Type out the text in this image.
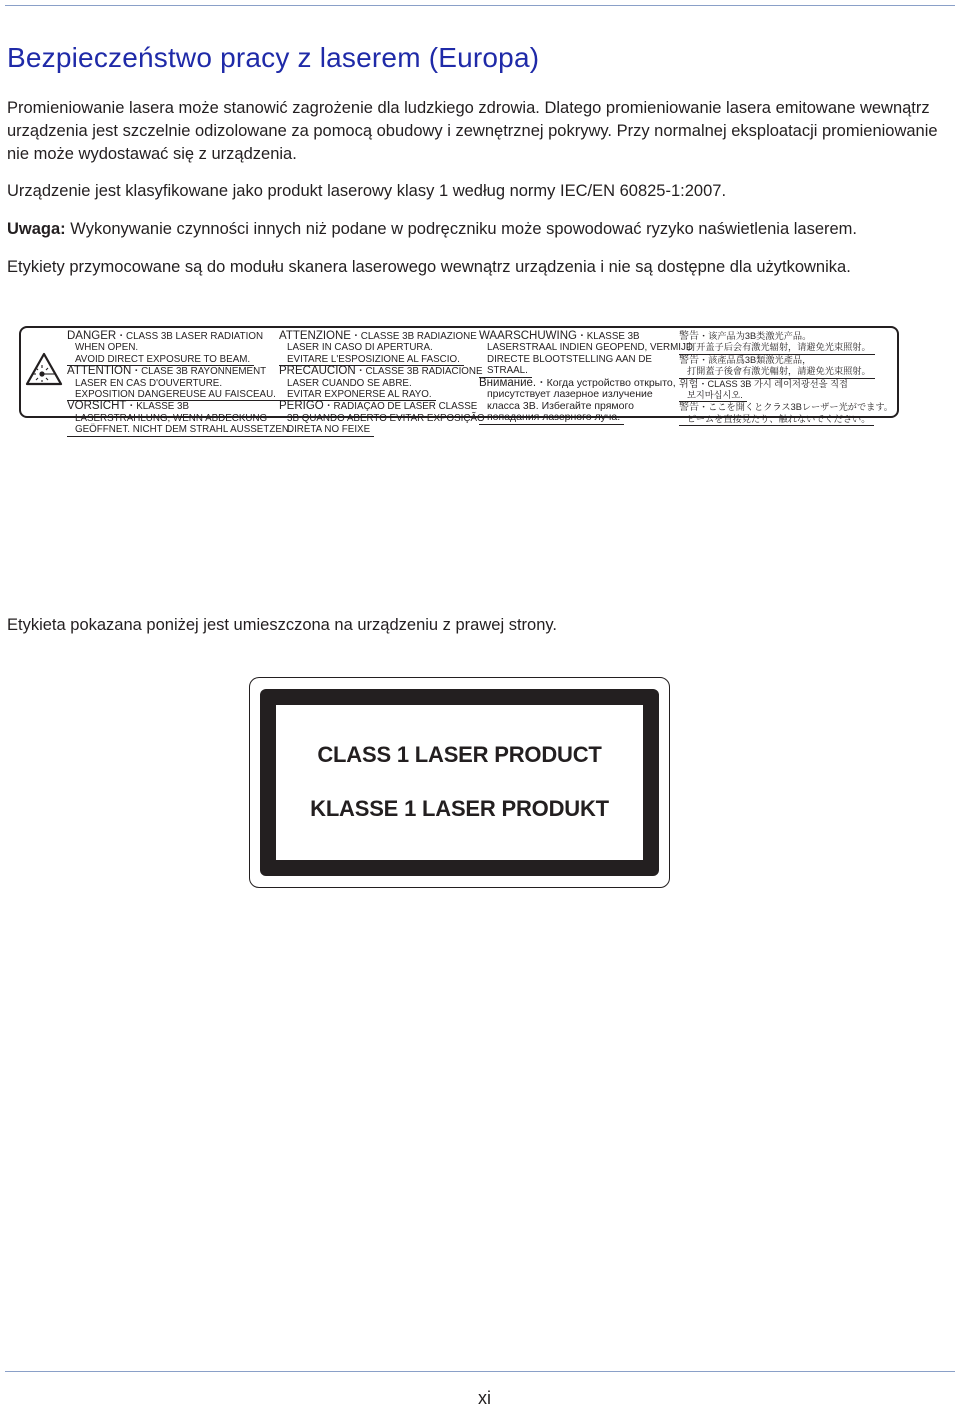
Bezpieczeństwo pracy z laserem (Europa)

Promieniowanie lasera może stanowić zagrożenie dla ludzkiego zdrowia. Dlatego promieniowanie lasera emitowane wewnątrz urządzenia jest szczelnie odizolowane za pomocą obudowy i zewnętrznej pokrywy. Przy normalnej eksploatacji promieniowanie nie może wydostawać się z urządzenia.

Urządzenie jest klasyfikowane jako produkt laserowy klasy 1 według normy IEC/EN 60825-1:2007.

Uwaga: Wykonywanie czynności innych niż podane w podręczniku może spowodować ryzyko naświetlenia laserem.

Etykiety przymocowane są do modułu skanera laserowego wewnątrz urządzenia i nie są dostępne dla użytkownika.

DANGER・CLASS 3B LASER RADIATION
WHEN OPEN.
AVOID DIRECT EXPOSURE TO BEAM.
ATTENTION・CLASE 3B RAYONNEMENT
LASER EN CAS D'OUVERTURE.
EXPOSITION DANGEREUSE AU FAISCEAU.
VORSICHT・KLASSE 3B
LASERSTRAHLUNG, WENN ABDECKUNG
GEÖFFNET. NICHT DEM STRAHL AUSSETZEN.
ATTENZIONE・CLASSE 3B RADIAZIONE
LASER IN CASO DI APERTURA.
EVITARE L'ESPOSIZIONE AL FASCIO.
PRECAUCION・CLASSE 3B RADIACIONE
LASER CUANDO SE ABRE.
EVITAR EXPONERSE AL RAYO.
PERIGO・RADIAÇÃO DE LASER CLASSE
3B QUANDO ABERTO EVITAR EXPOSIÇÃO
DIRETA NO FEIXE
WAARSCHUWING・KLASSE 3B
LASERSTRAAL INDIEN GEOPEND, VERMIJD
DIRECTE BLOOTSTELLING AAN DE
STRAAL.
Внимание.・Когда устройство открыто,
присутствует лазерное излучение
класса 3B. Избегайте прямого
попадания лазерного луча.
警告・该产品为3B类激光产品。
打开盖子后会有激光辐射，请避免光束照射。
警告・該產品爲3B類激光產品，
打開蓋子後會有激光輻射，請避免光束照射。
위험・CLASS 3B 가시 레이저광선을 직접
보지마십시오.
警告・ここを開くとクラス3Bレーザー光がでます。
ビームを直接見たり、触れないでください。

Etykieta pokazana poniżej jest umieszczona na urządzeniu z prawej strony.

CLASS 1 LASER PRODUCT
KLASSE 1 LASER PRODUKT
xi
